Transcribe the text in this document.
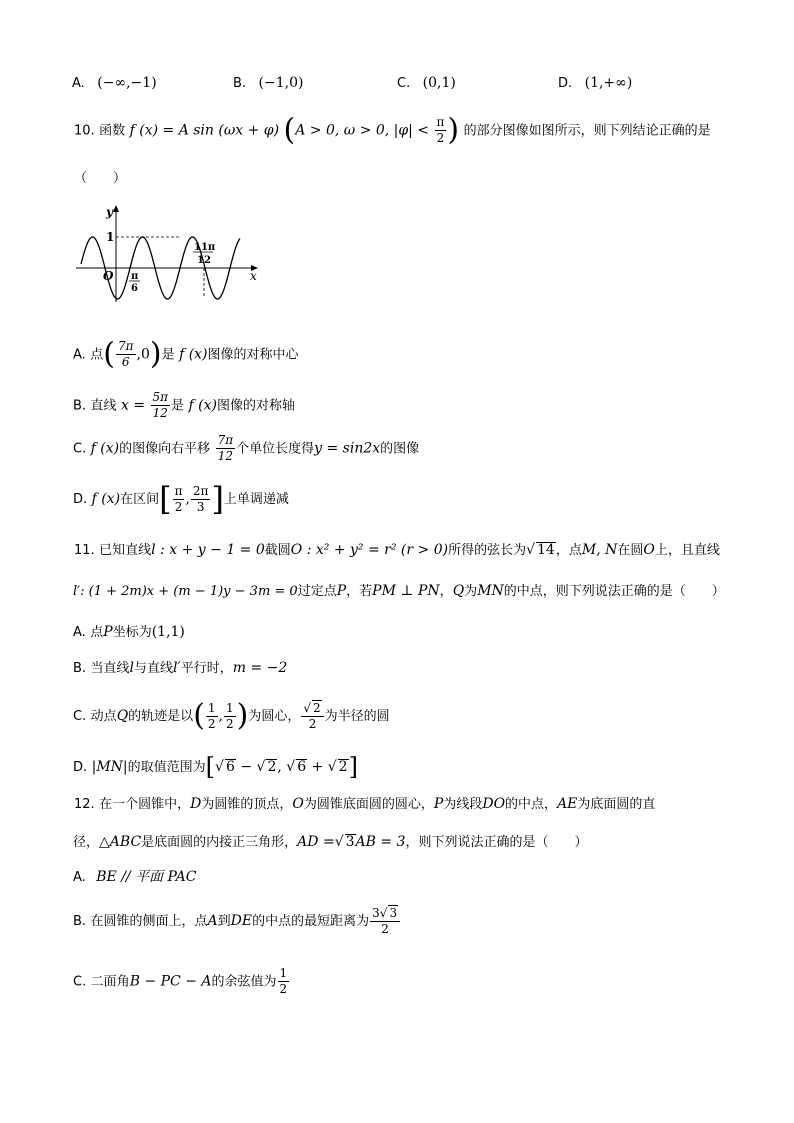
A. (−∞,−1)	B. (−1,0)	C. (0,1)	D. (1,+∞)
10. 函数 f (x) = A sin (ωx + φ) (A > 0, ω > 0, $|\varphi| < \frac{\pi}{2}$ ) 的部分图像如图所示，则下列结论正确的是
（　　）
y
x
O
1
π
6
11π
12
A. 点( $\frac{7\pi}{6} ,0$)是 f (x)图像的对称中心
B. 直线 $x = \frac{5\pi}{12}$ 是 f (x)图像的对称轴
C. f (x)的图像向右平移 $\frac{7\pi}{12}$ 个单位长度得y = sin2x的图像
D. f (x)在区间[ $\frac{\pi}{2}$ , $\frac{2\pi}{3}$ ]上单调递减
11. 已知直线l : x + y − 1 = 0截圆O : x² + y² = r² (r > 0)所得的弦长为√ 14，点M, N在圆O上，且直线
l′: (1 + 2m)x + (m − 1)y − 3m = 0过定点P，若PM ⊥ PN，Q为MN的中点，则下列说法正确的是（　　）
A. 点P坐标为(1,1)
B. 当直线l与直线l′平行时，m = −2
C. 动点Q的轨迹是以( $\frac{1}{2}$ , $\frac{1}{2}$ )为圆心， $\frac{√ 2}{2}$ 为半径的圆
D. |MN|的取值范围为[√ 6 − √ 2, √ 6 + √ 2]
12. 在一个圆锥中，D为圆锥的顶点，O为圆锥底面圆的圆心，P为线段DO的中点，AE为底面圆的直
径，△ABC是底面圆的内接正三角形，AD =√ 3AB = 3，则下列说法正确的是（　　）
A. BE // 平面 PAC
B. 在圆锥的侧面上，点A到DE的中点的最短距离为 $\frac{3√ 3}{2}$
C. 二面角B − PC − A的余弦值为 $\frac{1}{2}$
